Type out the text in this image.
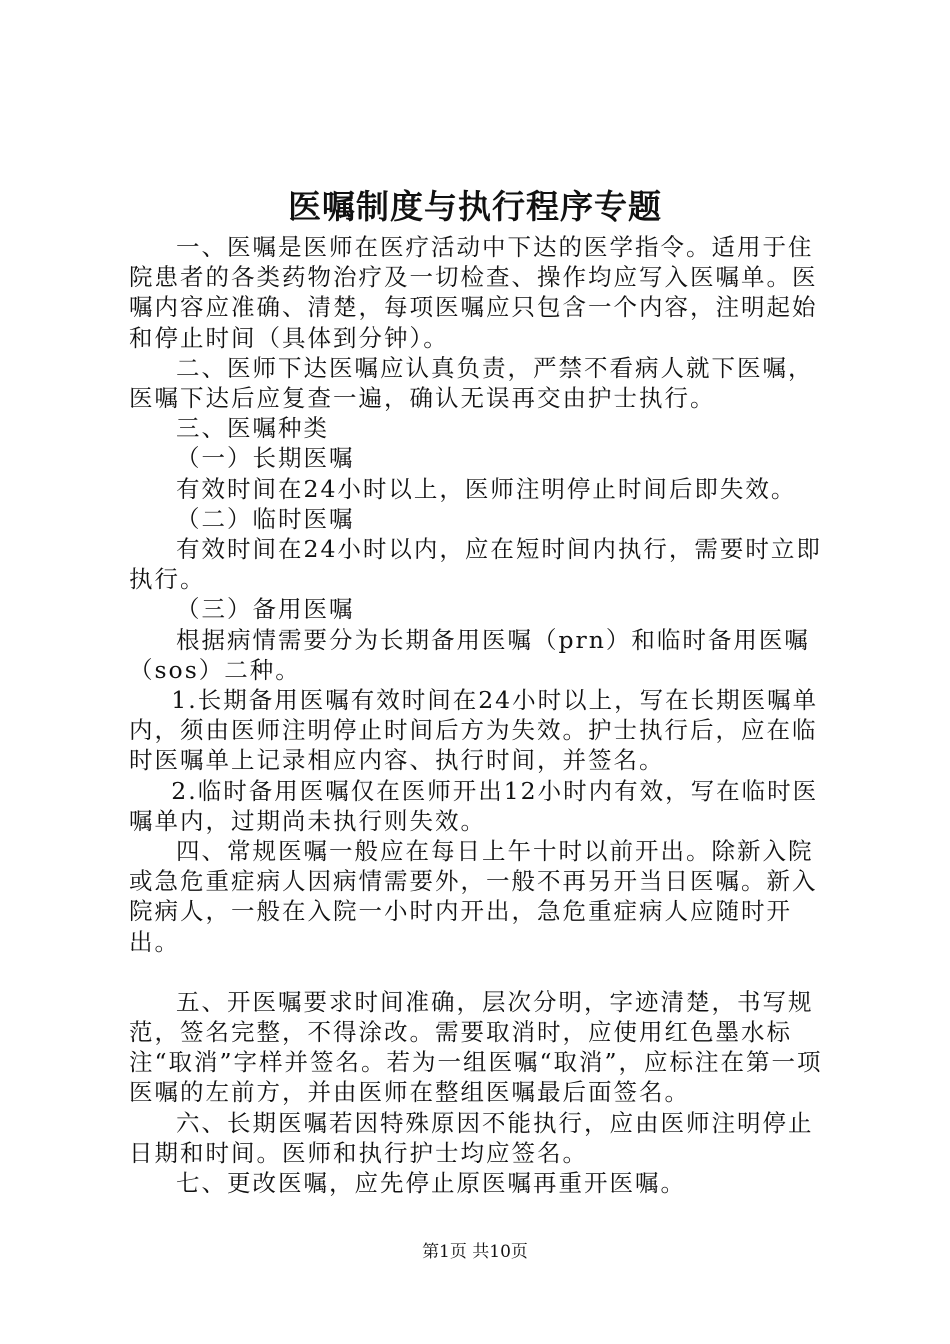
医嘱制度与执行程序专题

一、医嘱是医师在医疗活动中下达的医学指令。适用于住院患者的各类药物治疗及一切检查、操作均应写入医嘱单。医嘱内容应准确、清楚，每项医嘱应只包含一个内容，注明起始和停止时间（具体到分钟）。

二、医师下达医嘱应认真负责，严禁不看病人就下医嘱，医嘱下达后应复查一遍，确认无误再交由护士执行。

三、医嘱种类

（一）长期医嘱

有效时间在24小时以上，医师注明停止时间后即失效。

（二）临时医嘱

有效时间在24小时以内，应在短时间内执行，需要时立即执行。

（三）备用医嘱

根据病情需要分为长期备用医嘱（prn）和临时备用医嘱（sos）二种。

1.长期备用医嘱有效时间在24小时以上，写在长期医嘱单内，须由医师注明停止时间后方为失效。护士执行后，应在临时医嘱单上记录相应内容、执行时间，并签名。

2.临时备用医嘱仅在医师开出12小时内有效，写在临时医嘱单内，过期尚未执行则失效。

四、常规医嘱一般应在每日上午十时以前开出。除新入院或急危重症病人因病情需要外，一般不再另开当日医嘱。新入院病人，一般在入院一小时内开出，急危重症病人应随时开出。

五、开医嘱要求时间准确，层次分明，字迹清楚，书写规范，签名完整，不得涂改。需要取消时，应使用红色墨水标注“取消”字样并签名。若为一组医嘱“取消”，应标注在第一项医嘱的左前方，并由医师在整组医嘱最后面签名。

六、长期医嘱若因特殊原因不能执行，应由医师注明停止日期和时间。医师和执行护士均应签名。

七、更改医嘱，应先停止原医嘱再重开医嘱。

第1页 共10页
